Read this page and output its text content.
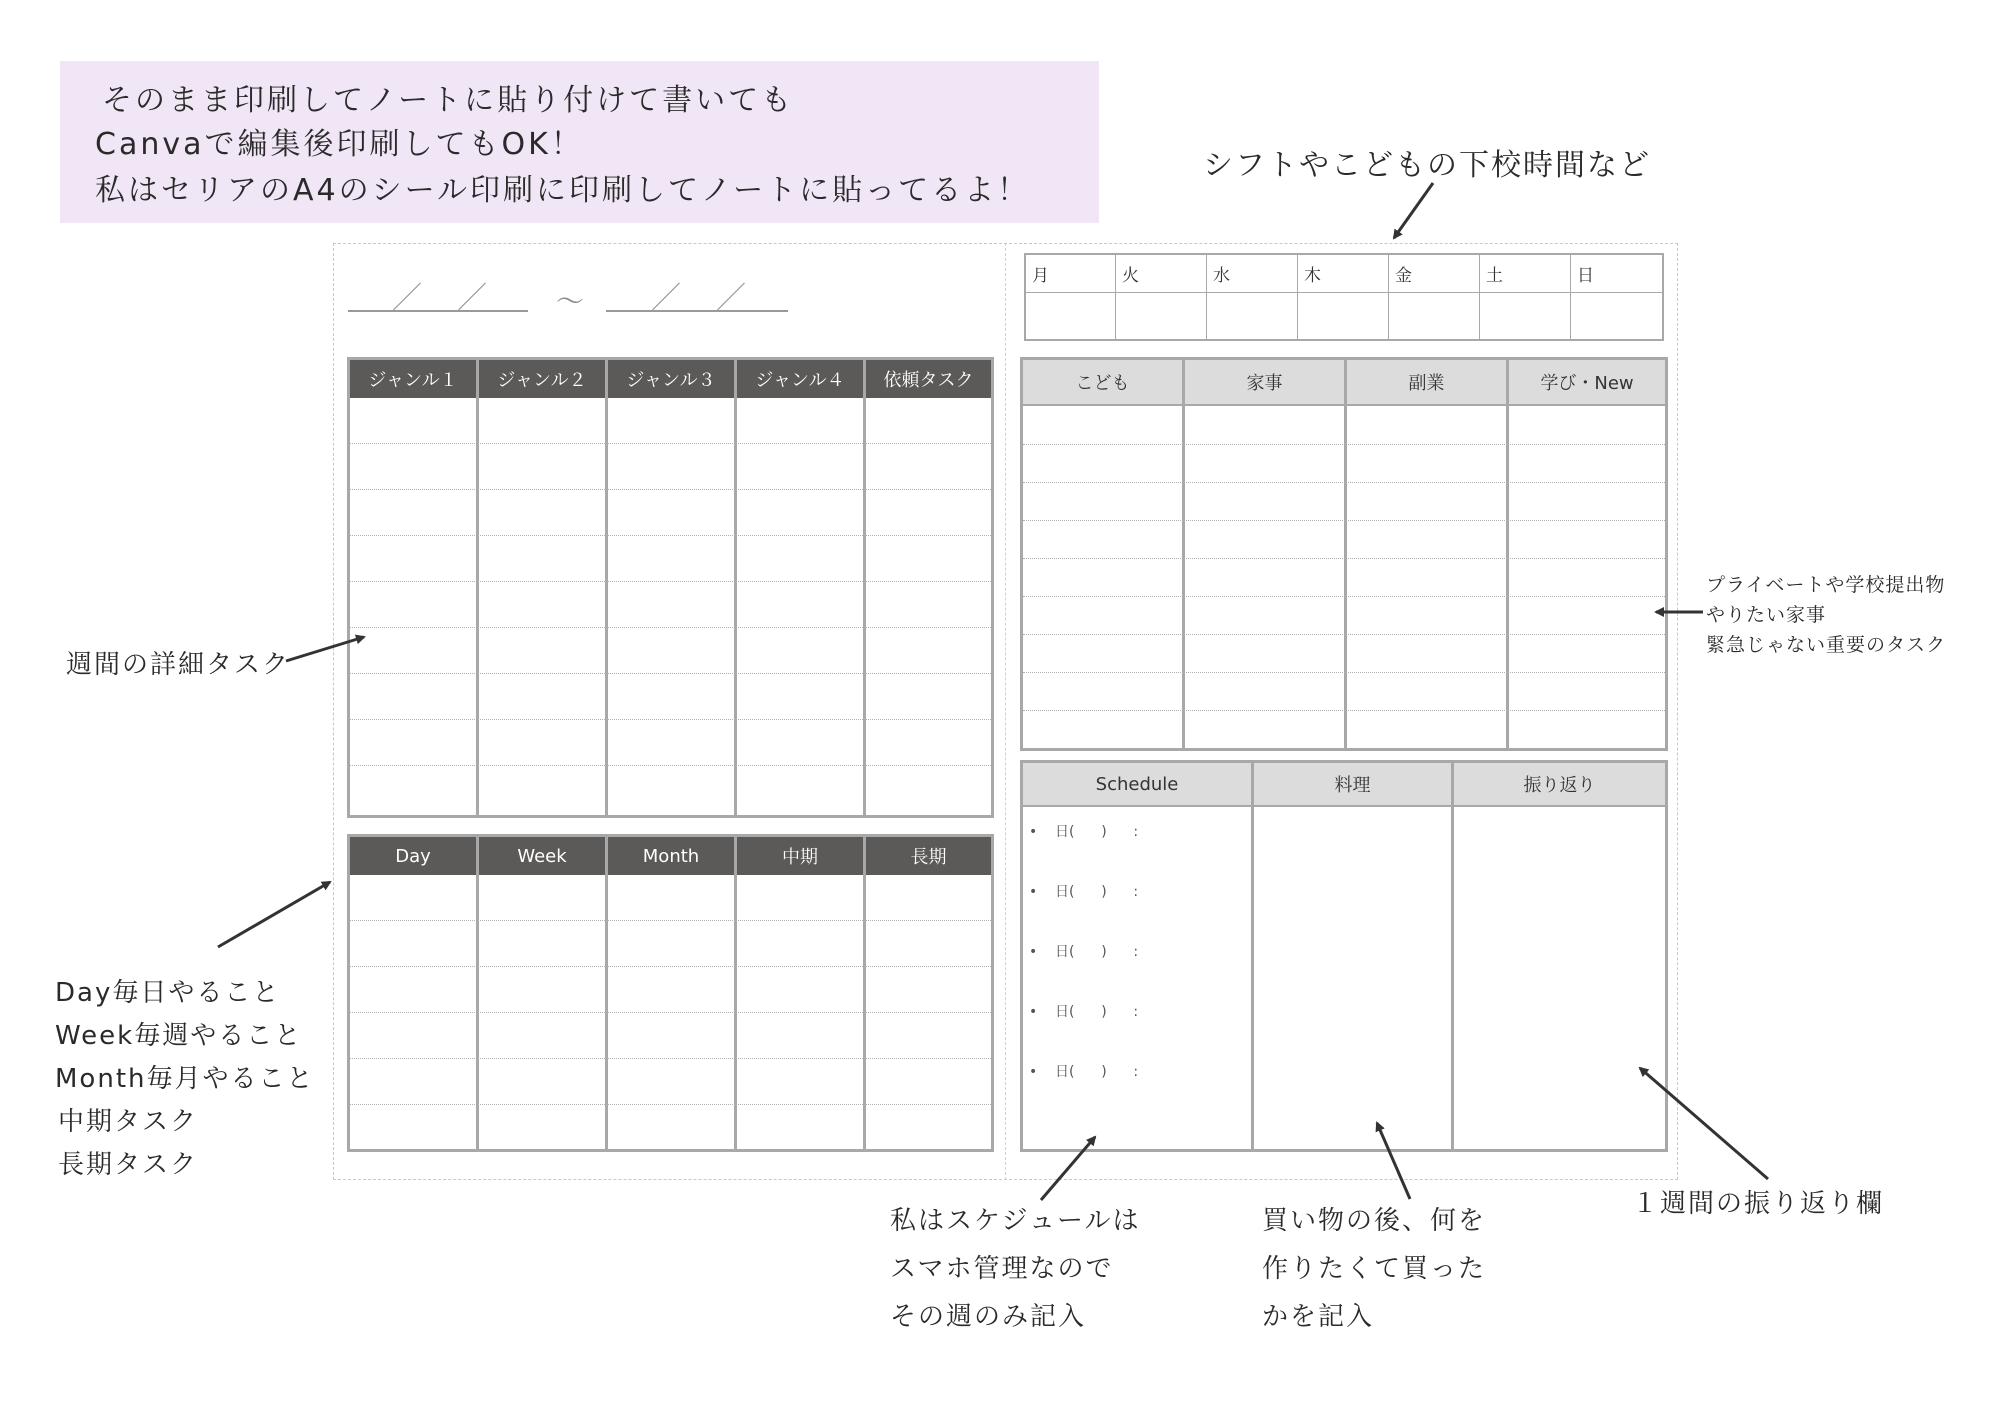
そのまま印刷してノートに貼り付けて書いても
Canvaで編集後印刷してもOK！
私はセリアのA4のシール印刷に印刷してノートに貼ってるよ！
シフトやこどもの下校時間など
／ ／ ～ ／ ／
月	火	水	木	金	土	日
ジャンル１	ジャンル２	ジャンル３	ジャンル４	依頼タスク
Day	Week	Month	中期	長期
こども	家事	副業	学び・New
Schedule	料理	振り返り
•    日(      )      :
•    日(      )      :
•    日(      )      :
•    日(      )      :
•    日(      )      :
週間の詳細タスク
プライベートや学校提出物
やりたい家事
緊急じゃない重要のタスク
Day毎日やること
Week毎週やること
Month毎月やること
中期タスク
長期タスク
私はスケジュールは
スマホ管理なので
その週のみ記入
買い物の後、何を
作りたくて買った
かを記入
１週間の振り返り欄
